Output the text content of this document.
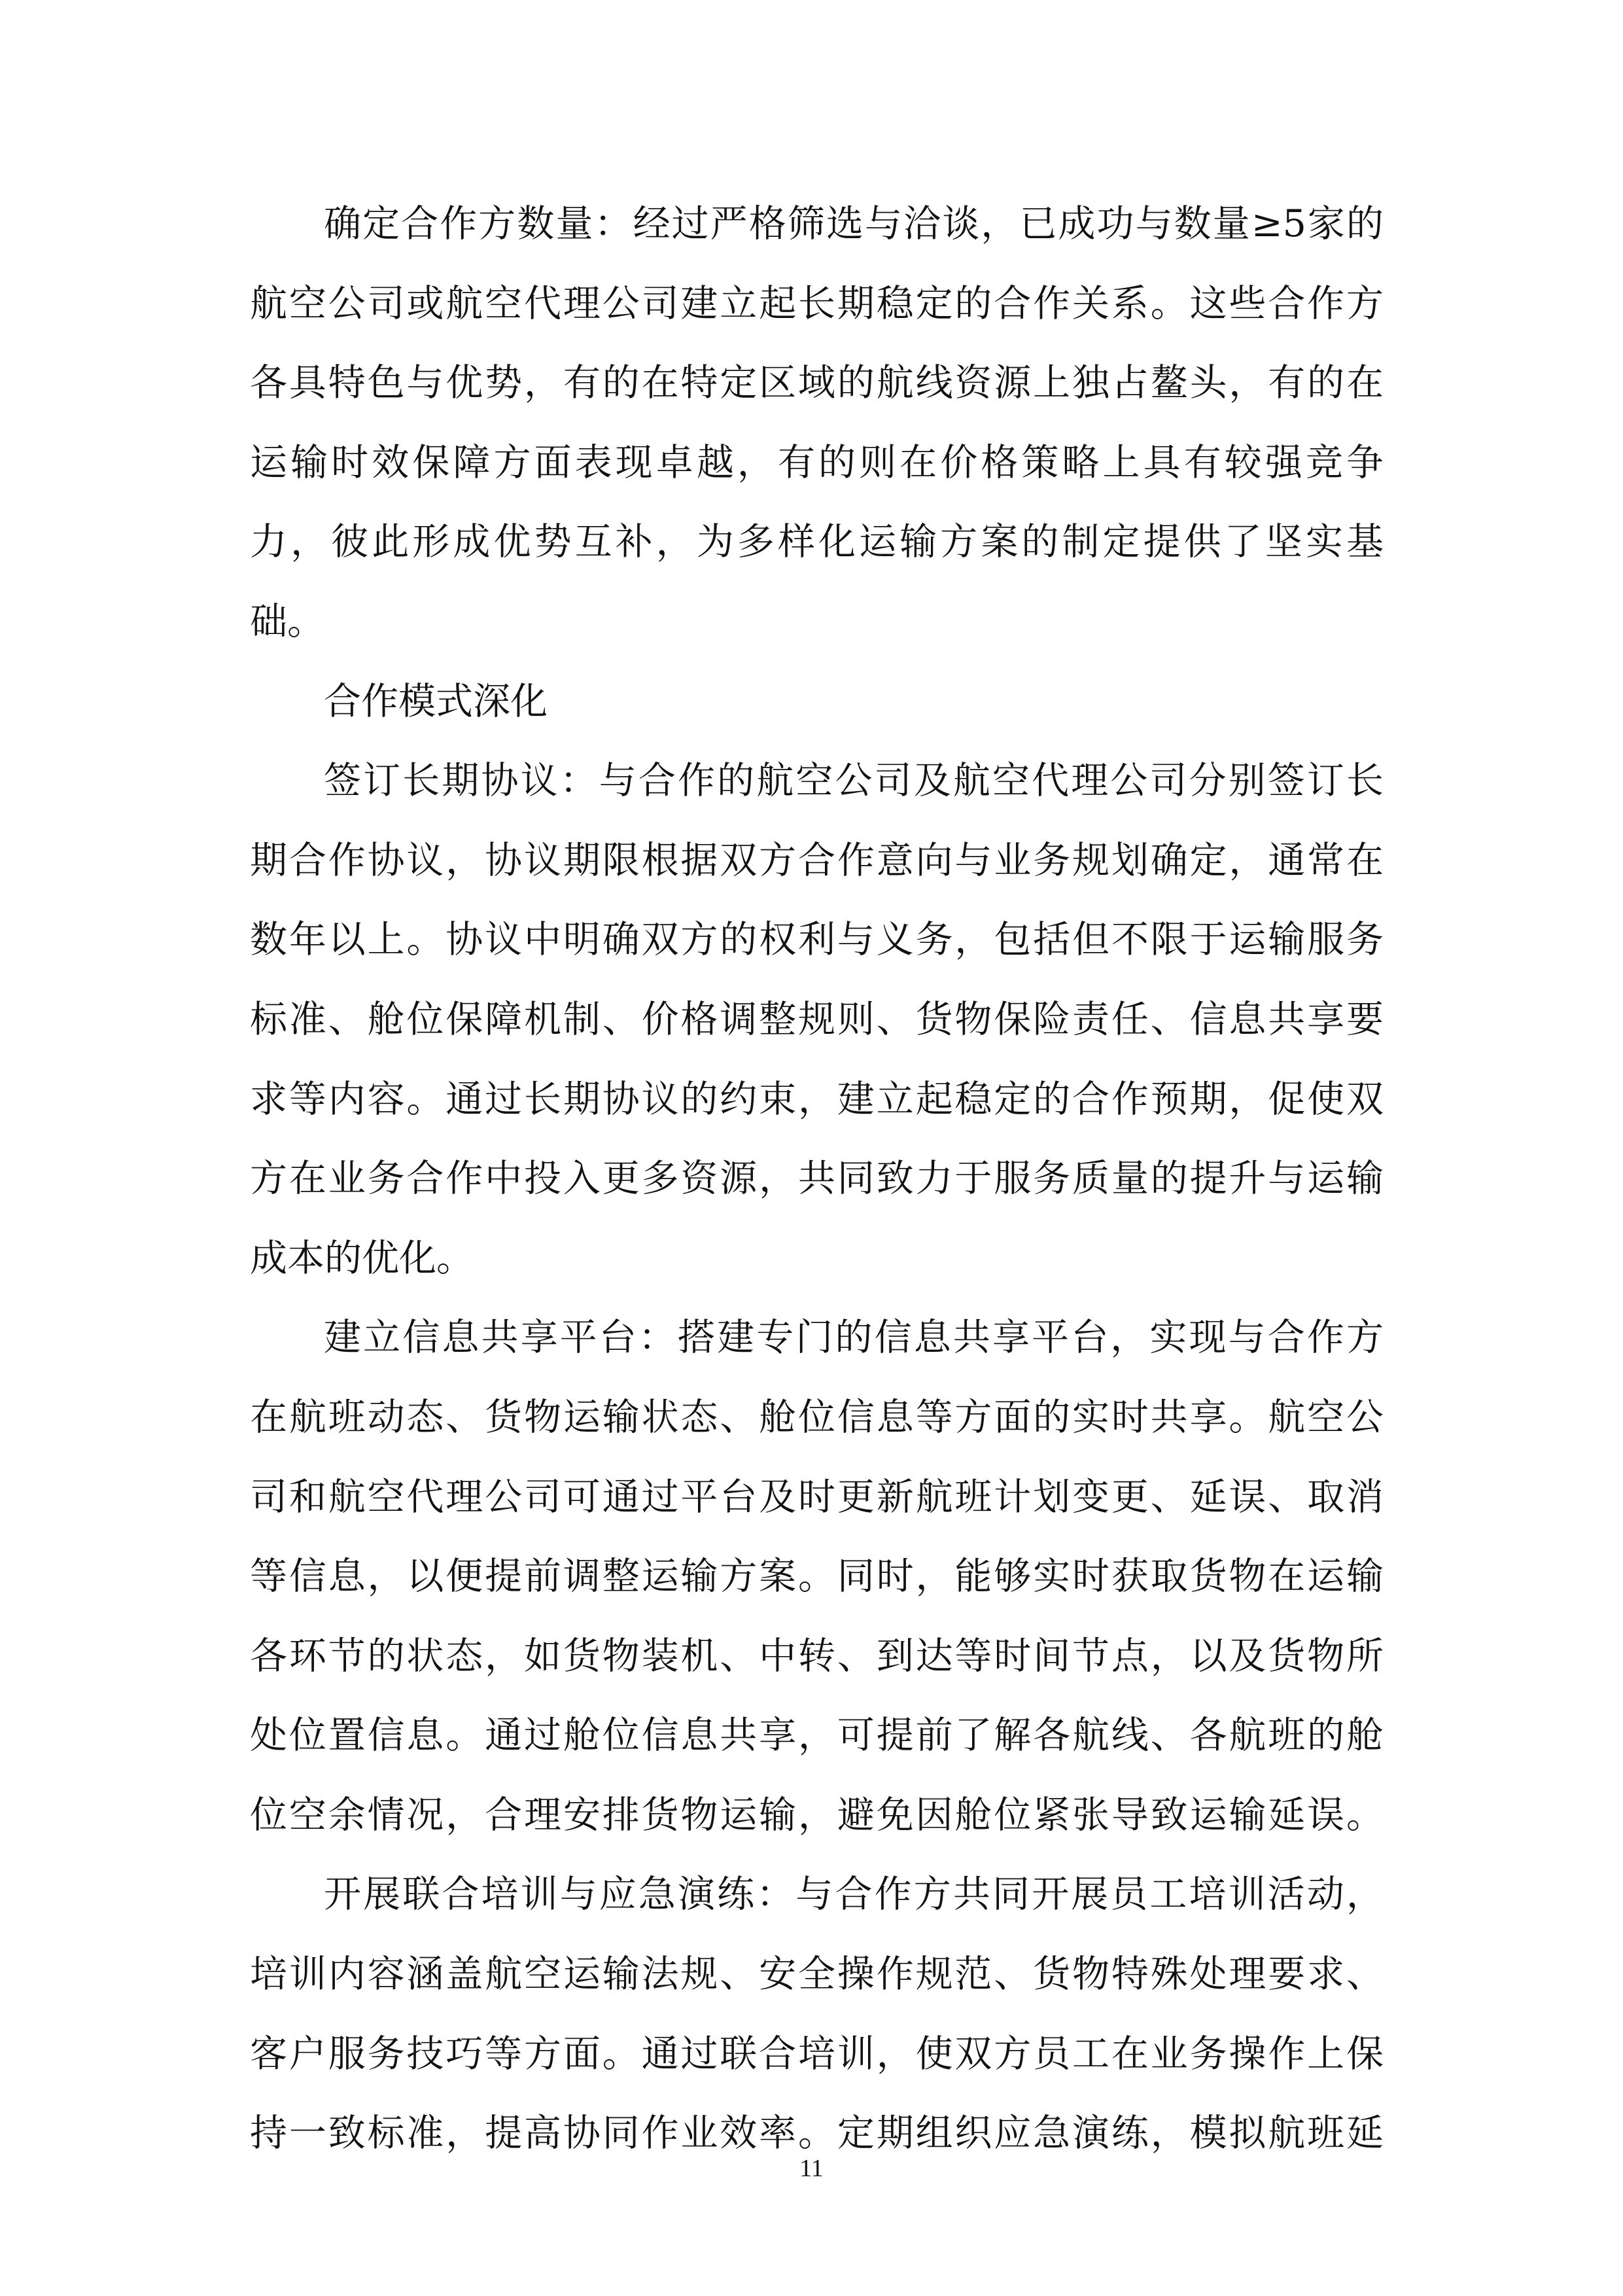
确定合作方数量：经过严格筛选与洽谈，已成功与数量≥5家的
航空公司或航空代理公司建立起长期稳定的合作关系。这些合作方
各具特色与优势，有的在特定区域的航线资源上独占鳌头，有的在
运输时效保障方面表现卓越，有的则在价格策略上具有较强竞争
力，彼此形成优势互补，为多样化运输方案的制定提供了坚实基
础。
合作模式深化
签订长期协议：与合作的航空公司及航空代理公司分别签订长
期合作协议，协议期限根据双方合作意向与业务规划确定，通常在
数年以上。协议中明确双方的权利与义务，包括但不限于运输服务
标准、舱位保障机制、价格调整规则、货物保险责任、信息共享要
求等内容。通过长期协议的约束，建立起稳定的合作预期，促使双
方在业务合作中投入更多资源，共同致力于服务质量的提升与运输
成本的优化。
建立信息共享平台：搭建专门的信息共享平台，实现与合作方
在航班动态、货物运输状态、舱位信息等方面的实时共享。航空公
司和航空代理公司可通过平台及时更新航班计划变更、延误、取消
等信息，以便提前调整运输方案。同时，能够实时获取货物在运输
各环节的状态，如货物装机、中转、到达等时间节点，以及货物所
处位置信息。通过舱位信息共享，可提前了解各航线、各航班的舱
位空余情况，合理安排货物运输，避免因舱位紧张导致运输延误。
开展联合培训与应急演练：与合作方共同开展员工培训活动，
培训内容涵盖航空运输法规、安全操作规范、货物特殊处理要求、
客户服务技巧等方面。通过联合培训，使双方员工在业务操作上保
持一致标准，提高协同作业效率。定期组织应急演练，模拟航班延
11
